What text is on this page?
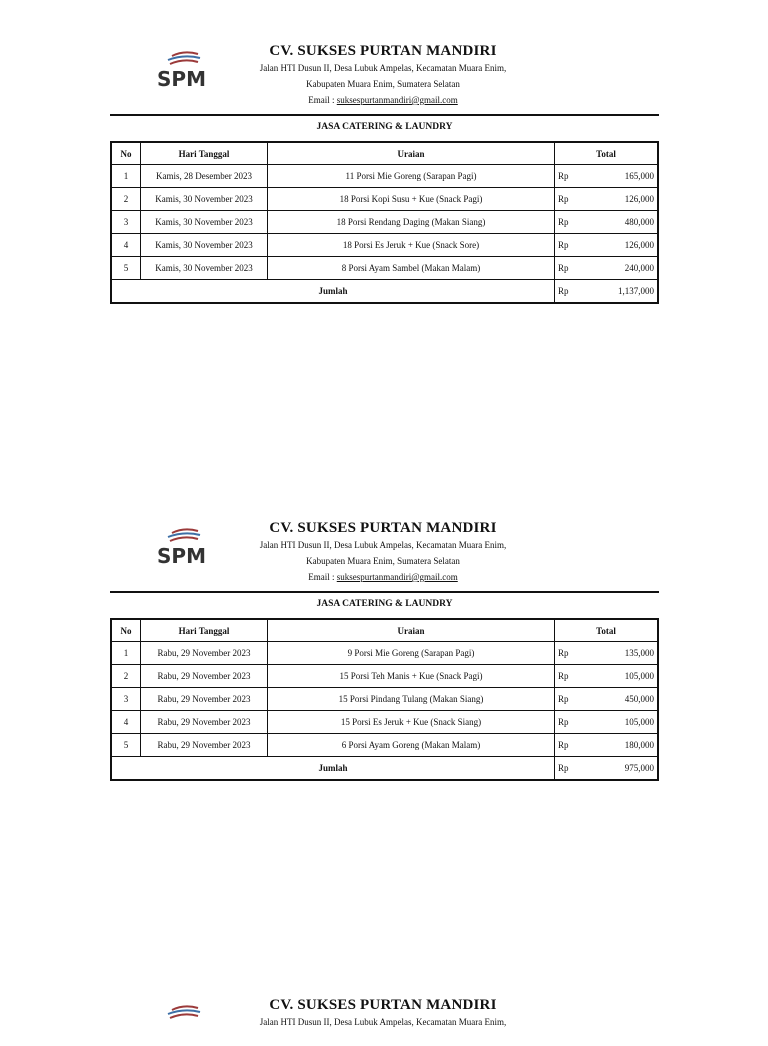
SPM
CV. SUKSES PURTAN MANDIRI
Jalan HTI Dusun II, Desa Lubuk Ampelas, Kecamatan Muara Enim,
Kabupaten Muara Enim, Sumatera Selatan
Email : suksespurtanmandiri@gmail.com
JASA CATERING & LAUNDRY
No	Hari Tanggal	Uraian	Total	
1	Kamis, 28 Desember 2023	11 Porsi Mie Goreng (Sarapan Pagi)	Rp	165,000
2	Kamis, 30 November 2023	18 Porsi Kopi Susu + Kue (Snack Pagi)	Rp	126,000
3	Kamis, 30 November 2023	18 Porsi Rendang Daging (Makan Siang)	Rp	480,000
4	Kamis, 30 November 2023	18 Porsi Es Jeruk + Kue (Snack Sore)	Rp	126,000
5	Kamis, 30 November 2023	8 Porsi Ayam Sambel (Makan Malam)	Rp	240,000
Jumlah			Rp	1,137,000
SPM
CV. SUKSES PURTAN MANDIRI
Jalan HTI Dusun II, Desa Lubuk Ampelas, Kecamatan Muara Enim,
Kabupaten Muara Enim, Sumatera Selatan
Email : suksespurtanmandiri@gmail.com
JASA CATERING & LAUNDRY
No	Hari Tanggal	Uraian	Total	
1	Rabu, 29 November 2023	9 Porsi Mie Goreng (Sarapan Pagi)	Rp	135,000
2	Rabu, 29 November 2023	15 Porsi Teh Manis + Kue (Snack Pagi)	Rp	105,000
3	Rabu, 29 November 2023	15 Porsi Pindang Tulang (Makan Siang)	Rp	450,000
4	Rabu, 29 November 2023	15 Porsi Es Jeruk + Kue (Snack Siang)	Rp	105,000
5	Rabu, 29 November 2023	6 Porsi Ayam Goreng (Makan Malam)	Rp	180,000
Jumlah			Rp	975,000
CV. SUKSES PURTAN MANDIRI
Jalan HTI Dusun II, Desa Lubuk Ampelas, Kecamatan Muara Enim,
